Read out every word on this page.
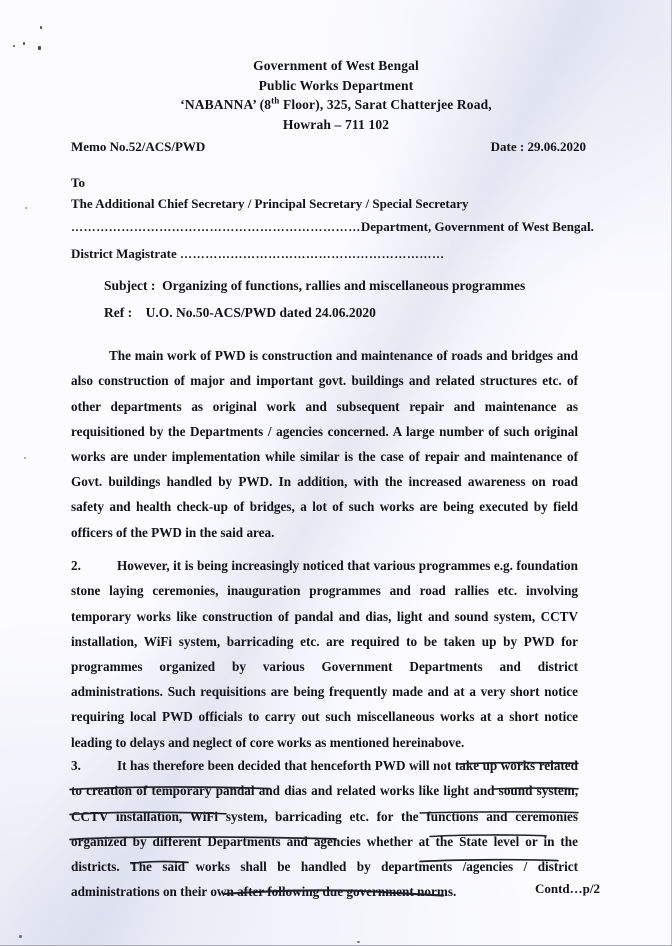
Government of West Bengal
Public Works Department
‘NABANNA’ (8th Floor), 325, Sarat Chatterjee Road,
Howrah – 711 102
Memo No.52/ACS/PWD	Date : 29.06.2020
To
The Additional Chief Secretary / Principal Secretary / Special Secretary
……………………………………………………………Department, Government of West Bengal.
District Magistrate ………………………………………………………
Subject : Organizing of functions, rallies and miscellaneous programmes
Ref : U.O. No.50-ACS/PWD dated 24.06.2020

The main work of PWD is construction and maintenance of roads and bridges and also construction of major and important govt. buildings and related structures etc. of other departments as original work and subsequent repair and maintenance as requisitioned by the Departments / agencies concerned. A large number of such original works are under implementation while similar is the case of repair and maintenance of Govt. buildings handled by PWD. In addition, with the increased awareness on road safety and health check-up of bridges, a lot of such works are being executed by field officers of the PWD in the said area.

2.	However, it is being increasingly noticed that various programmes e.g. foundation stone laying ceremonies, inauguration programmes and road rallies etc. involving temporary works like construction of pandal and dias, light and sound system, CCTV installation, WiFi system, barricading etc. are required to be taken up by PWD for programmes organized by various Government Departments and district administrations. Such requisitions are being frequently made and at a very short notice requiring local PWD officials to carry out such miscellaneous works at a short notice leading to delays and neglect of core works as mentioned hereinabove.

3.	It has therefore been decided that henceforth PWD will not take up works related to creation of temporary pandal and dias and related works like light and sound system, CCTV installation, WiFi system, barricading etc. for the functions and ceremonies organized by different Departments and agencies whether at the State level or in the districts. The said works shall be handled by departments /agencies / district administrations on their own after following due government norms.	Contd…p/2
